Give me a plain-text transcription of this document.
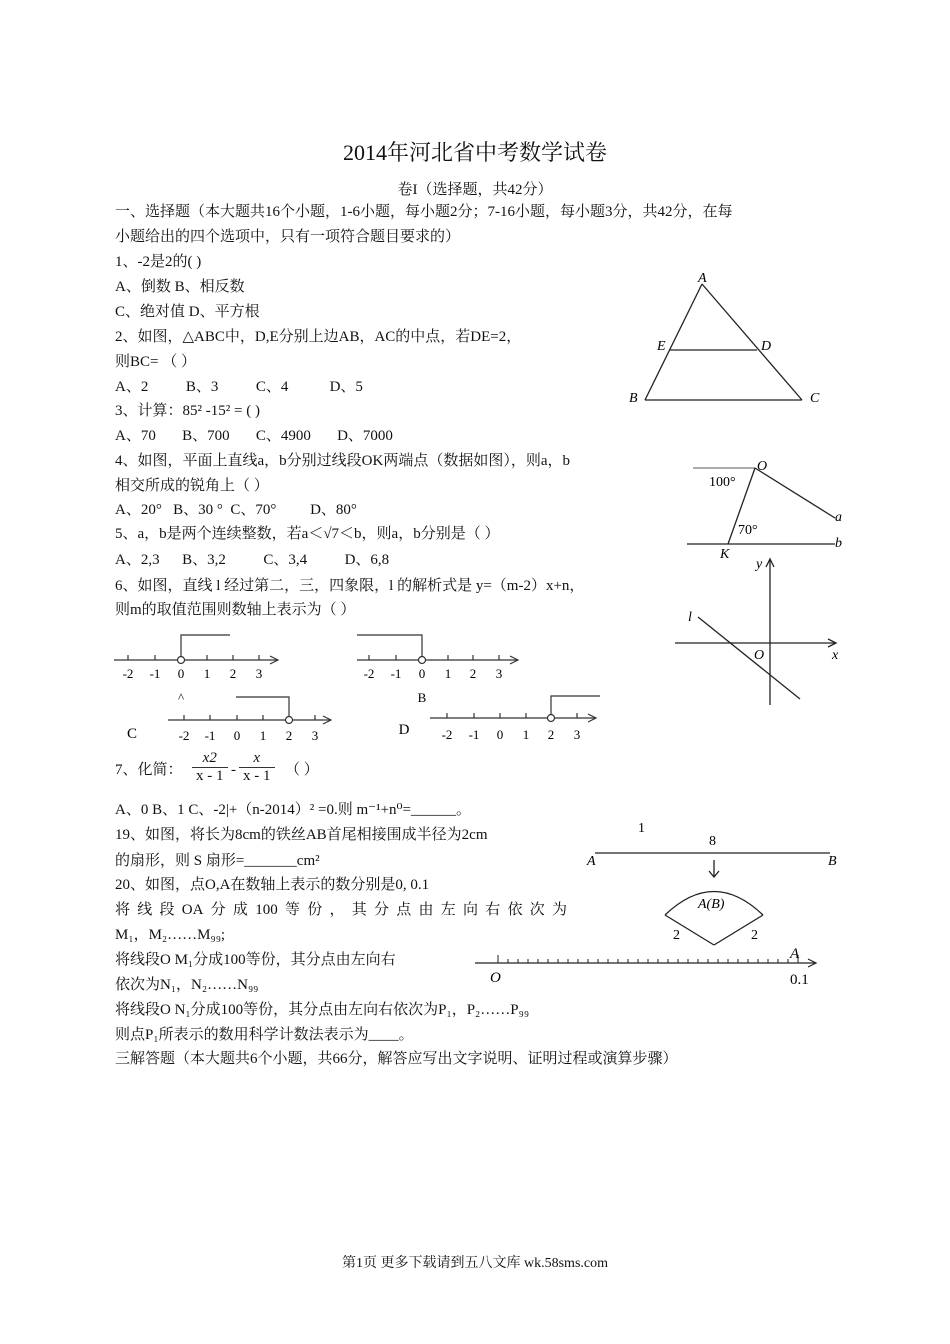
2014年河北省中考数学试卷
卷I（选择题，共42分）
一、选择题（本大题共16个小题，1-6小题，每小题2分；7-16小题，每小题3分，共42分，在每
小题给出的四个选项中，只有一项符合题目要求的）
1、-2是2的( )
A、倒数 B、相反数
C、绝对值 D、平方根
2、如图，△ABC中，D,E分别上边AB，AC的中点，若DE=2，
则BC= （ ）
A、2          B、3          C、4           D、5
3、计算：85² -15² = ( )
A、70       B、700       C、4900       D、7000
4、如图，平面上直线a，b分别过线段OK两端点（数据如图），则a，b
相交所成的锐角上（ ）
A、20°   B、30 °  C、70°         D、80°
5、a，b是两个连续整数，若a＜√7＜b，则a，b分别是（ ）
A、2,3      B、3,2          C、3,4          D、6,8
6、如图，直线 l 经过第二，三，四象限，l 的解析式是 y=（m-2）x+n，
则m的取值范围则数轴上表示为（ ）
7、化简： $\frac{x2}{x - 1} - \frac{x}{x - 1}$ （ ）
A、0 B、1 C、-2|+（n-2014）² =0.则 m⁻¹+n⁰=______。
19、如图，将长为8cm的铁丝AB首尾相接围成半径为2cm
的扇形，则 S 扇形=_______cm²
20、如图，点O,A在数轴上表示的数分别是0, 0.1
将线段OA分成100等份，其分点由左向右依次为
M₁，M₂……M₉₉;
将线段O M₁分成100等份，其分点由左向右
依次为N₁，N₂……N₉₉
将线段O N₁分成100等份，其分点由左向右依次为P₁，P₂……P₉₉
则点P₁所表示的数用科学计数法表示为____。
三解答题（本大题共6个小题，共66分，解答应写出文字说明、证明过程或演算步骤）
第1页 更多下载请到五八文库 wk.58sms.com
A
E	D
B	C
O
K
a
b
100°
70°
y
x
O
l
-2 -1 0 1 2 3
^
-2 -1 0 1 2 3
B
C	-2 -1 0 1 2 3	D -2 -1 0 1 2 3
1
8
A	B
A(B)
2	2
O
A
0.1
